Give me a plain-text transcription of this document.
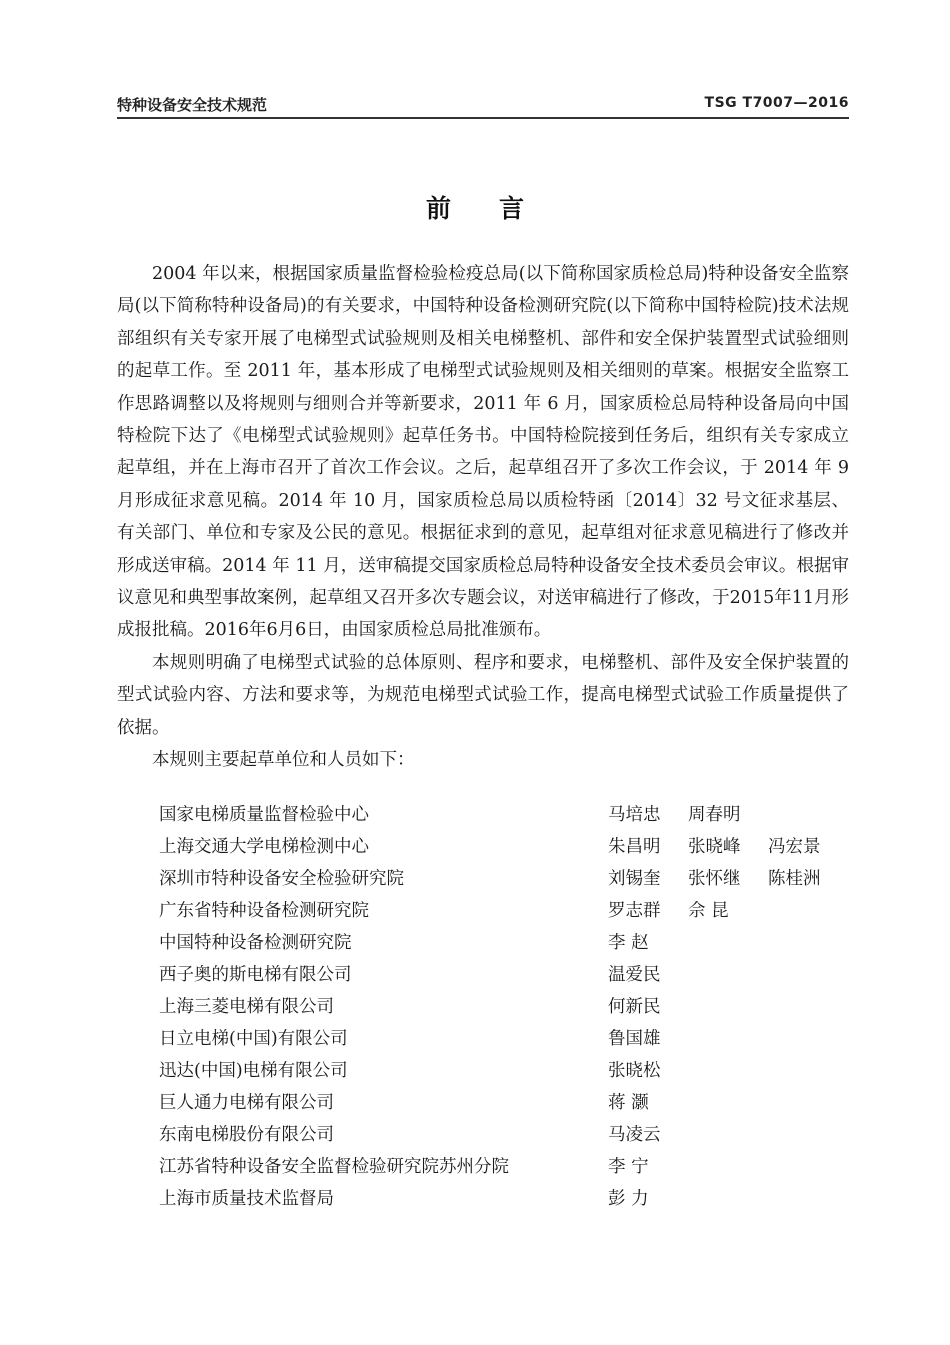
特种设备安全技术规范	TSG T7007—2016
前言

2004 年以来，根据国家质量监督检验检疫总局(以下简称国家质检总局)特种设备安全监察局(以下简称特种设备局)的有关要求，中国特种设备检测研究院(以下简称中国特检院)技术法规部组织有关专家开展了电梯型式试验规则及相关电梯整机、部件和安全保护装置型式试验细则的起草工作。至 2011 年，基本形成了电梯型式试验规则及相关细则的草案。根据安全监察工作思路调整以及将规则与细则合并等新要求，2011 年 6 月，国家质检总局特种设备局向中国特检院下达了《电梯型式试验规则》起草任务书。中国特检院接到任务后，组织有关专家成立起草组，并在上海市召开了首次工作会议。之后，起草组召开了多次工作会议，于 2014 年 9 月形成征求意见稿。2014 年 10 月，国家质检总局以质检特函〔2014〕32 号文征求基层、有关部门、单位和专家及公民的意见。根据征求到的意见，起草组对征求意见稿进行了修改并形成送审稿。2014 年 11 月，送审稿提交国家质检总局特种设备安全技术委员会审议。根据审议意见和典型事故案例，起草组又召开多次专题会议，对送审稿进行了修改，于2015年11月形成报批稿。2016年6月6日，由国家质检总局批准颁布。

本规则明确了电梯型式试验的总体原则、程序和要求，电梯整机、部件及安全保护装置的型式试验内容、方法和要求等，为规范电梯型式试验工作，提高电梯型式试验工作质量提供了依据。

本规则主要起草单位和人员如下：

国家电梯质量监督检验中心	马培忠 周春明
上海交通大学电梯检测中心	朱昌明 张晓峰 冯宏景
深圳市特种设备安全检验研究院	刘锡奎 张怀继 陈桂洲
广东省特种设备检测研究院	罗志群 佘 昆
中国特种设备检测研究院	李 赵
西子奥的斯电梯有限公司	温爱民
上海三菱电梯有限公司	何新民
日立电梯(中国)有限公司	鲁国雄
迅达(中国)电梯有限公司	张晓松
巨人通力电梯有限公司	蒋 灏
东南电梯股份有限公司	马凌云
江苏省特种设备安全监督检验研究院苏州分院	李 宁
上海市质量技术监督局	彭 力
